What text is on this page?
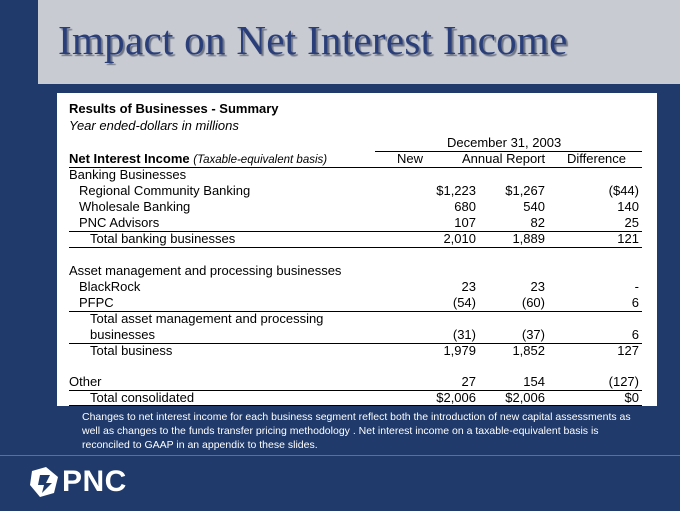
Impact on Net Interest Income
Results of Businesses - Summary
Year ended-dollars in millions
December 31, 2003
Net Interest Income (Taxable-equivalent basis)	New	Annual Report Difference
Banking Businesses
Regional Community Banking	$1,223	$1,267	($44)
Wholesale Banking	680	540	140
PNC Advisors	107	82	25
Total banking businesses	2,010	1,889	121
Asset management and processing businesses
BlackRock	23	23	-
PFPC	(54)	(60)	6
Total asset management and processing
businesses	(31)	(37)	6
Total business	1,979	1,852	127
Other	27	154	(127)
Total consolidated	$2,006	$2,006	$0
Changes to net interest income for each business segment reflect both the introduction of new capital assessments as well as changes to the funds transfer pricing methodology . Net interest income on a taxable-equivalent basis is reconciled to GAAP in an appendix to these slides.
PNC
